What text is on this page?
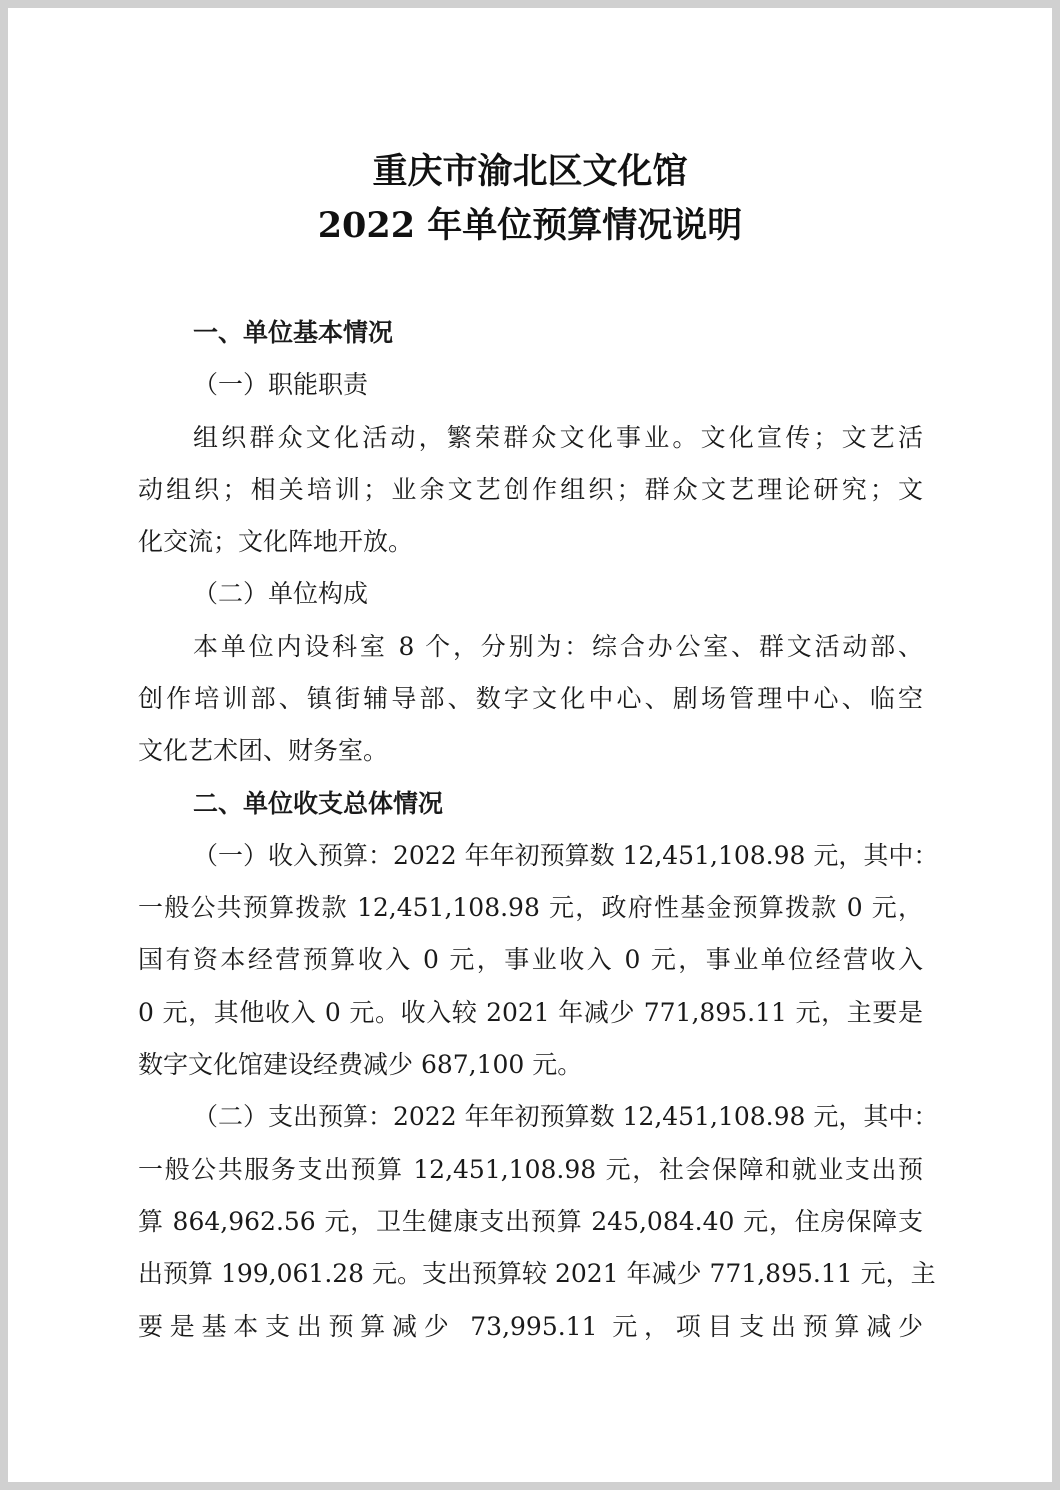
重庆市渝北区文化馆
2022 年单位预算情况说明
一、单位基本情况
（一）职能职责
组织群众文化活动，繁荣群众文化事业。文化宣传；文艺活
动组织；相关培训；业余文艺创作组织；群众文艺理论研究；文
化交流；文化阵地开放。
（二）单位构成
本单位内设科室 8 个，分别为：综合办公室、群文活动部、
创作培训部、镇街辅导部、数字文化中心、剧场管理中心、临空
文化艺术团、财务室。
二、单位收支总体情况
（一）收入预算：2022 年年初预算数 12,451,108.98 元，其中：
一般公共预算拨款 12,451,108.98 元，政府性基金预算拨款 0 元，
国有资本经营预算收入 0 元，事业收入 0 元，事业单位经营收入
0 元，其他收入 0 元。收入较 2021 年减少 771,895.11 元，主要是
数字文化馆建设经费减少 687,100 元。
（二）支出预算：2022 年年初预算数 12,451,108.98 元，其中：
一般公共服务支出预算 12,451,108.98 元，社会保障和就业支出预
算 864,962.56 元，卫生健康支出预算 245,084.40 元，住房保障支
出预算 199,061.28 元。支出预算较 2021 年减少 771,895.11 元，主
要是基本支出预算减少 73,995.11 元，项目支出预算减少
